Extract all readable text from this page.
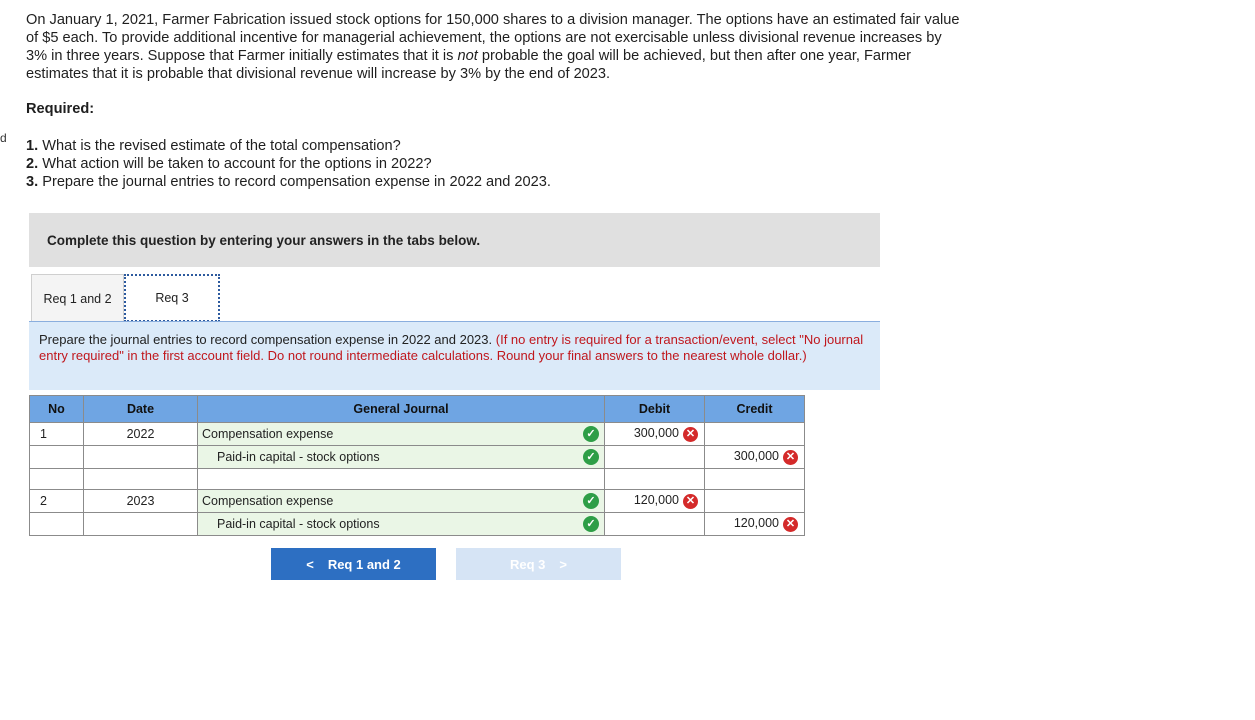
d

On January 1, 2021, Farmer Fabrication issued stock options for 150,000 shares to a division manager. The options have an estimated fair value of $5 each. To provide additional incentive for managerial achievement, the options are not exercisable unless divisional revenue increases by 3% in three years. Suppose that Farmer initially estimates that it is not probable the goal will be achieved, but then after one year, Farmer estimates that it is probable that divisional revenue will increase by 3% by the end of 2023.

Required:
1. What is the revised estimate of the total compensation?
2. What action will be taken to account for the options in 2022?
3. Prepare the journal entries to record compensation expense in 2022 and 2023.
Complete this question by entering your answers in the tabs below.
Req 1 and 2	Req 3
Prepare the journal entries to record compensation expense in 2022 and 2023. (If no entry is required for a transaction/event, select "No journal entry required" in the first account field. Do not round intermediate calculations. Round your final answers to the nearest whole dollar.)
No	Date	General Journal	Debit	Credit
1	2022	Compensation expense ✓	300,000 ✕	
		Paid-in capital - stock options ✓		300,000 ✕

2	2023	Compensation expense ✓	120,000 ✕	
		Paid-in capital - stock options ✓		120,000 ✕
< Req 1 and 2	Req 3 >
